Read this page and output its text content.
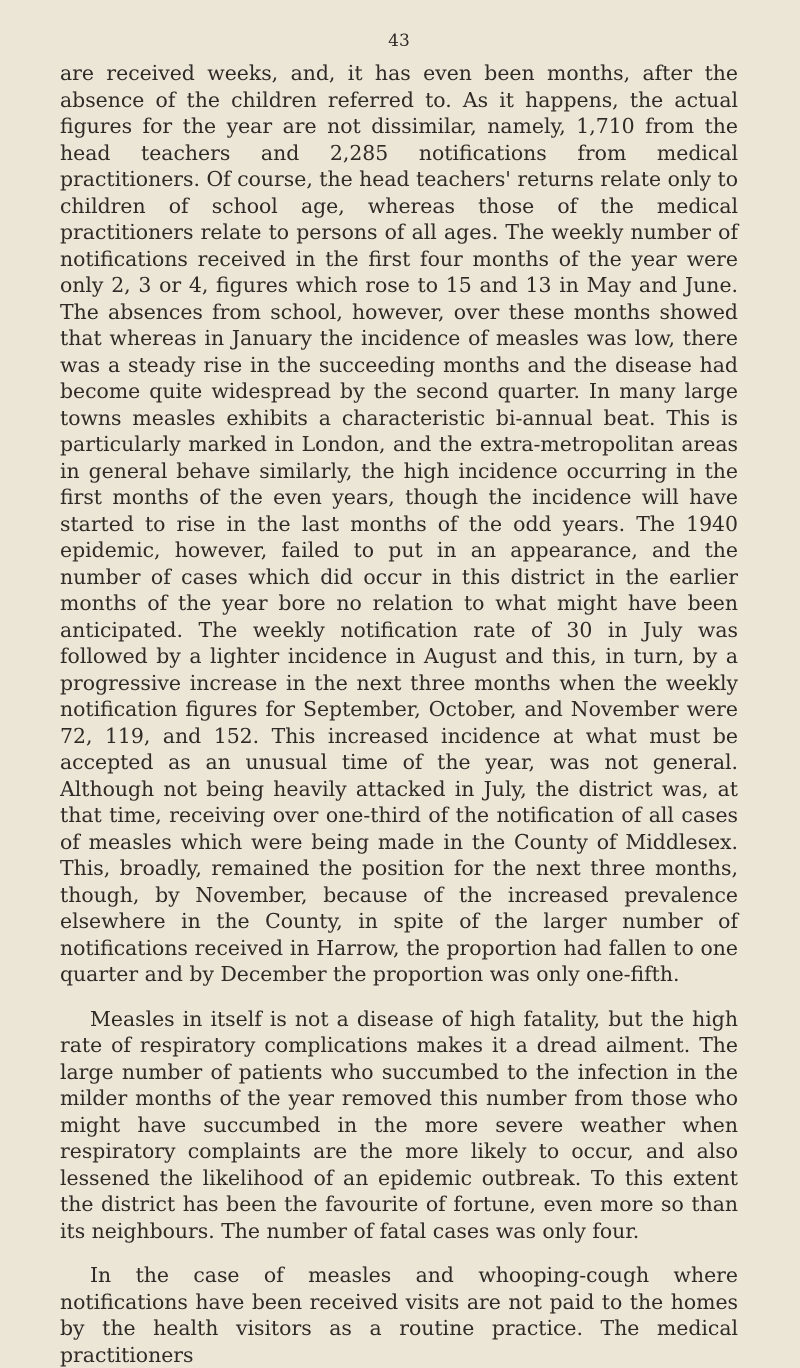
43

are received weeks, and, it has even been months, after the absence of the children referred to. As it happens, the actual figures for the year are not dissimilar, namely, 1,710 from the head teachers and 2,285 notifications from medical practitioners. Of course, the head teachers' returns relate only to children of school age, whereas those of the medical practitioners relate to persons of all ages. The weekly number of notifications received in the first four months of the year were only 2, 3 or 4, figures which rose to 15 and 13 in May and June. The absences from school, however, over these months showed that whereas in January the incidence of measles was low, there was a steady rise in the succeeding months and the disease had become quite widespread by the second quarter. In many large towns measles exhibits a characteristic bi-annual beat. This is particularly marked in London, and the extra-metropolitan areas in general behave similarly, the high incidence occurring in the first months of the even years, though the incidence will have started to rise in the last months of the odd years. The 1940 epidemic, however, failed to put in an appearance, and the number of cases which did occur in this district in the earlier months of the year bore no relation to what might have been anticipated. The weekly notification rate of 30 in July was followed by a lighter incidence in August and this, in turn, by a progressive increase in the next three months when the weekly notification figures for September, October, and November were 72, 119, and 152. This increased incidence at what must be accepted as an unusual time of the year, was not general. Although not being heavily attacked in July, the district was, at that time, receiving over one-third of the notification of all cases of measles which were being made in the County of Middlesex. This, broadly, remained the position for the next three months, though, by November, because of the increased prevalence elsewhere in the County, in spite of the larger number of notifications received in Harrow, the proportion had fallen to one quarter and by December the proportion was only one-fifth.

Measles in itself is not a disease of high fatality, but the high rate of respiratory complications makes it a dread ailment. The large number of patients who succumbed to the infection in the milder months of the year removed this number from those who might have succumbed in the more severe weather when respiratory complaints are the more likely to occur, and also lessened the likelihood of an epidemic outbreak. To this extent the district has been the favourite of fortune, even more so than its neighbours. The number of fatal cases was only four.

In the case of measles and whooping-cough where notifications have been received visits are not paid to the homes by the health visitors as a routine practice. The medical practitioners
